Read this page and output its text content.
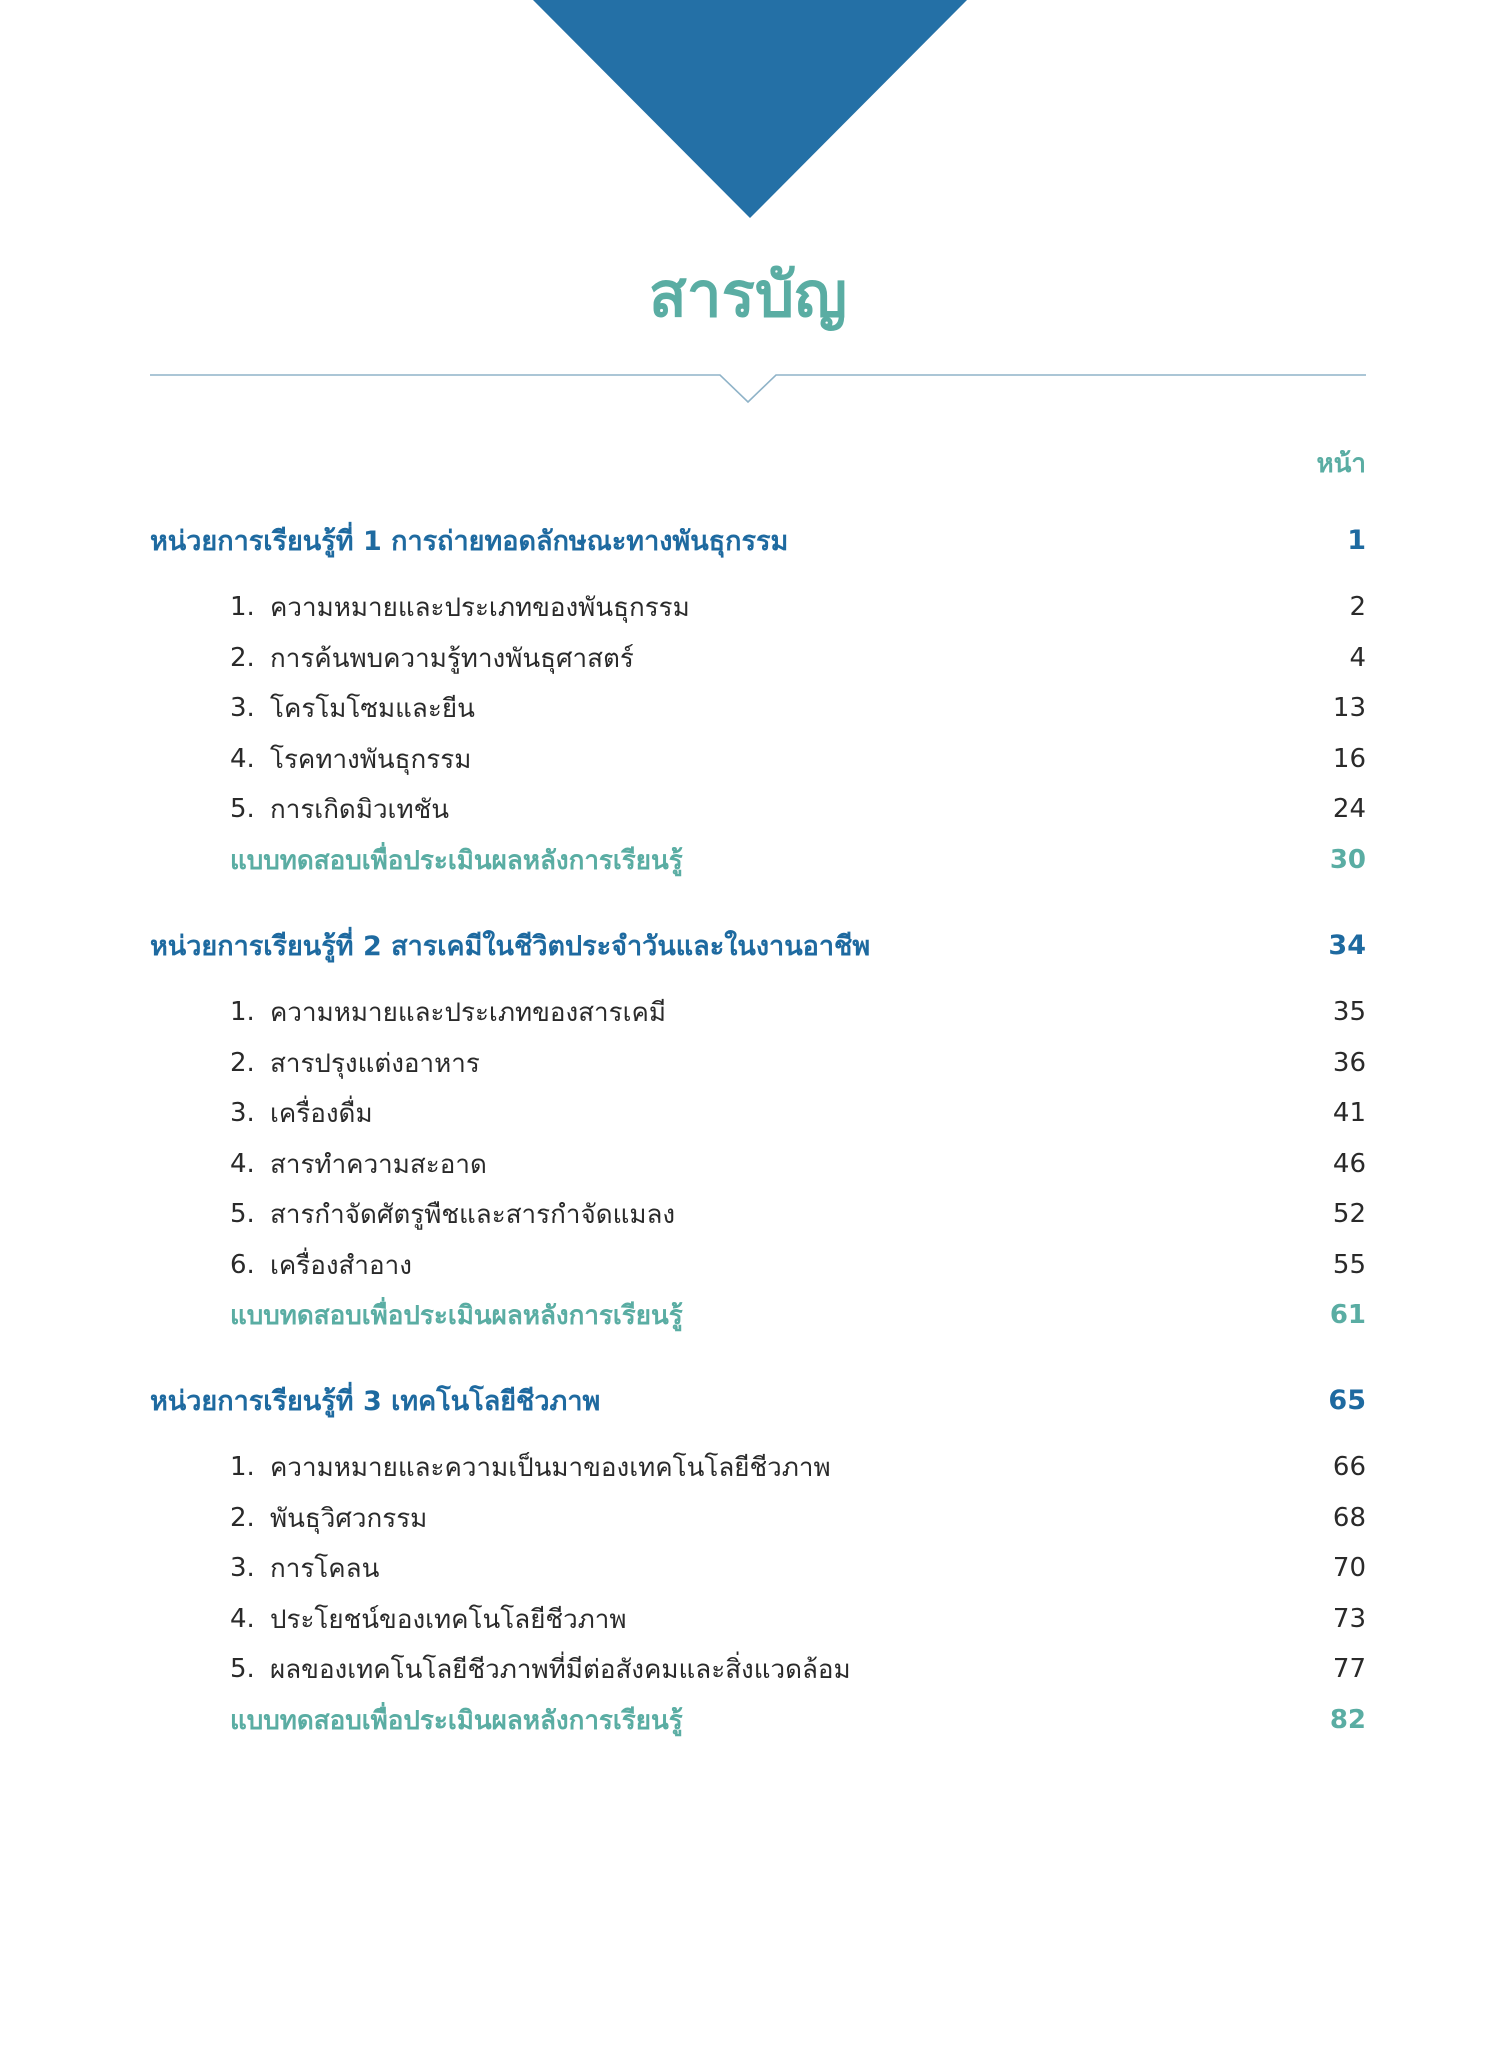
สารบัญ
หน้า
หน่วยการเรียนรู้ที่ 1 การถ่ายทอดลักษณะทางพันธุกรรม	1
1. ความหมายและประเภทของพันธุกรรม	2
2. การค้นพบความรู้ทางพันธุศาสตร์	4
3. โครโมโซมและยีน	13
4. โรคทางพันธุกรรม	16
5. การเกิดมิวเทชัน	24
แบบทดสอบเพื่อประเมินผลหลังการเรียนรู้	30
หน่วยการเรียนรู้ที่ 2 สารเคมีในชีวิตประจำวันและในงานอาชีพ	34
1. ความหมายและประเภทของสารเคมี	35
2. สารปรุงแต่งอาหาร	36
3. เครื่องดื่ม	41
4. สารทำความสะอาด	46
5. สารกำจัดศัตรูพืชและสารกำจัดแมลง	52
6. เครื่องสำอาง	55
แบบทดสอบเพื่อประเมินผลหลังการเรียนรู้	61
หน่วยการเรียนรู้ที่ 3 เทคโนโลยีชีวภาพ	65
1. ความหมายและความเป็นมาของเทคโนโลยีชีวภาพ	66
2. พันธุวิศวกรรม	68
3. การโคลน	70
4. ประโยชน์ของเทคโนโลยีชีวภาพ	73
5. ผลของเทคโนโลยีชีวภาพที่มีต่อสังคมและสิ่งแวดล้อม	77
แบบทดสอบเพื่อประเมินผลหลังการเรียนรู้	82
